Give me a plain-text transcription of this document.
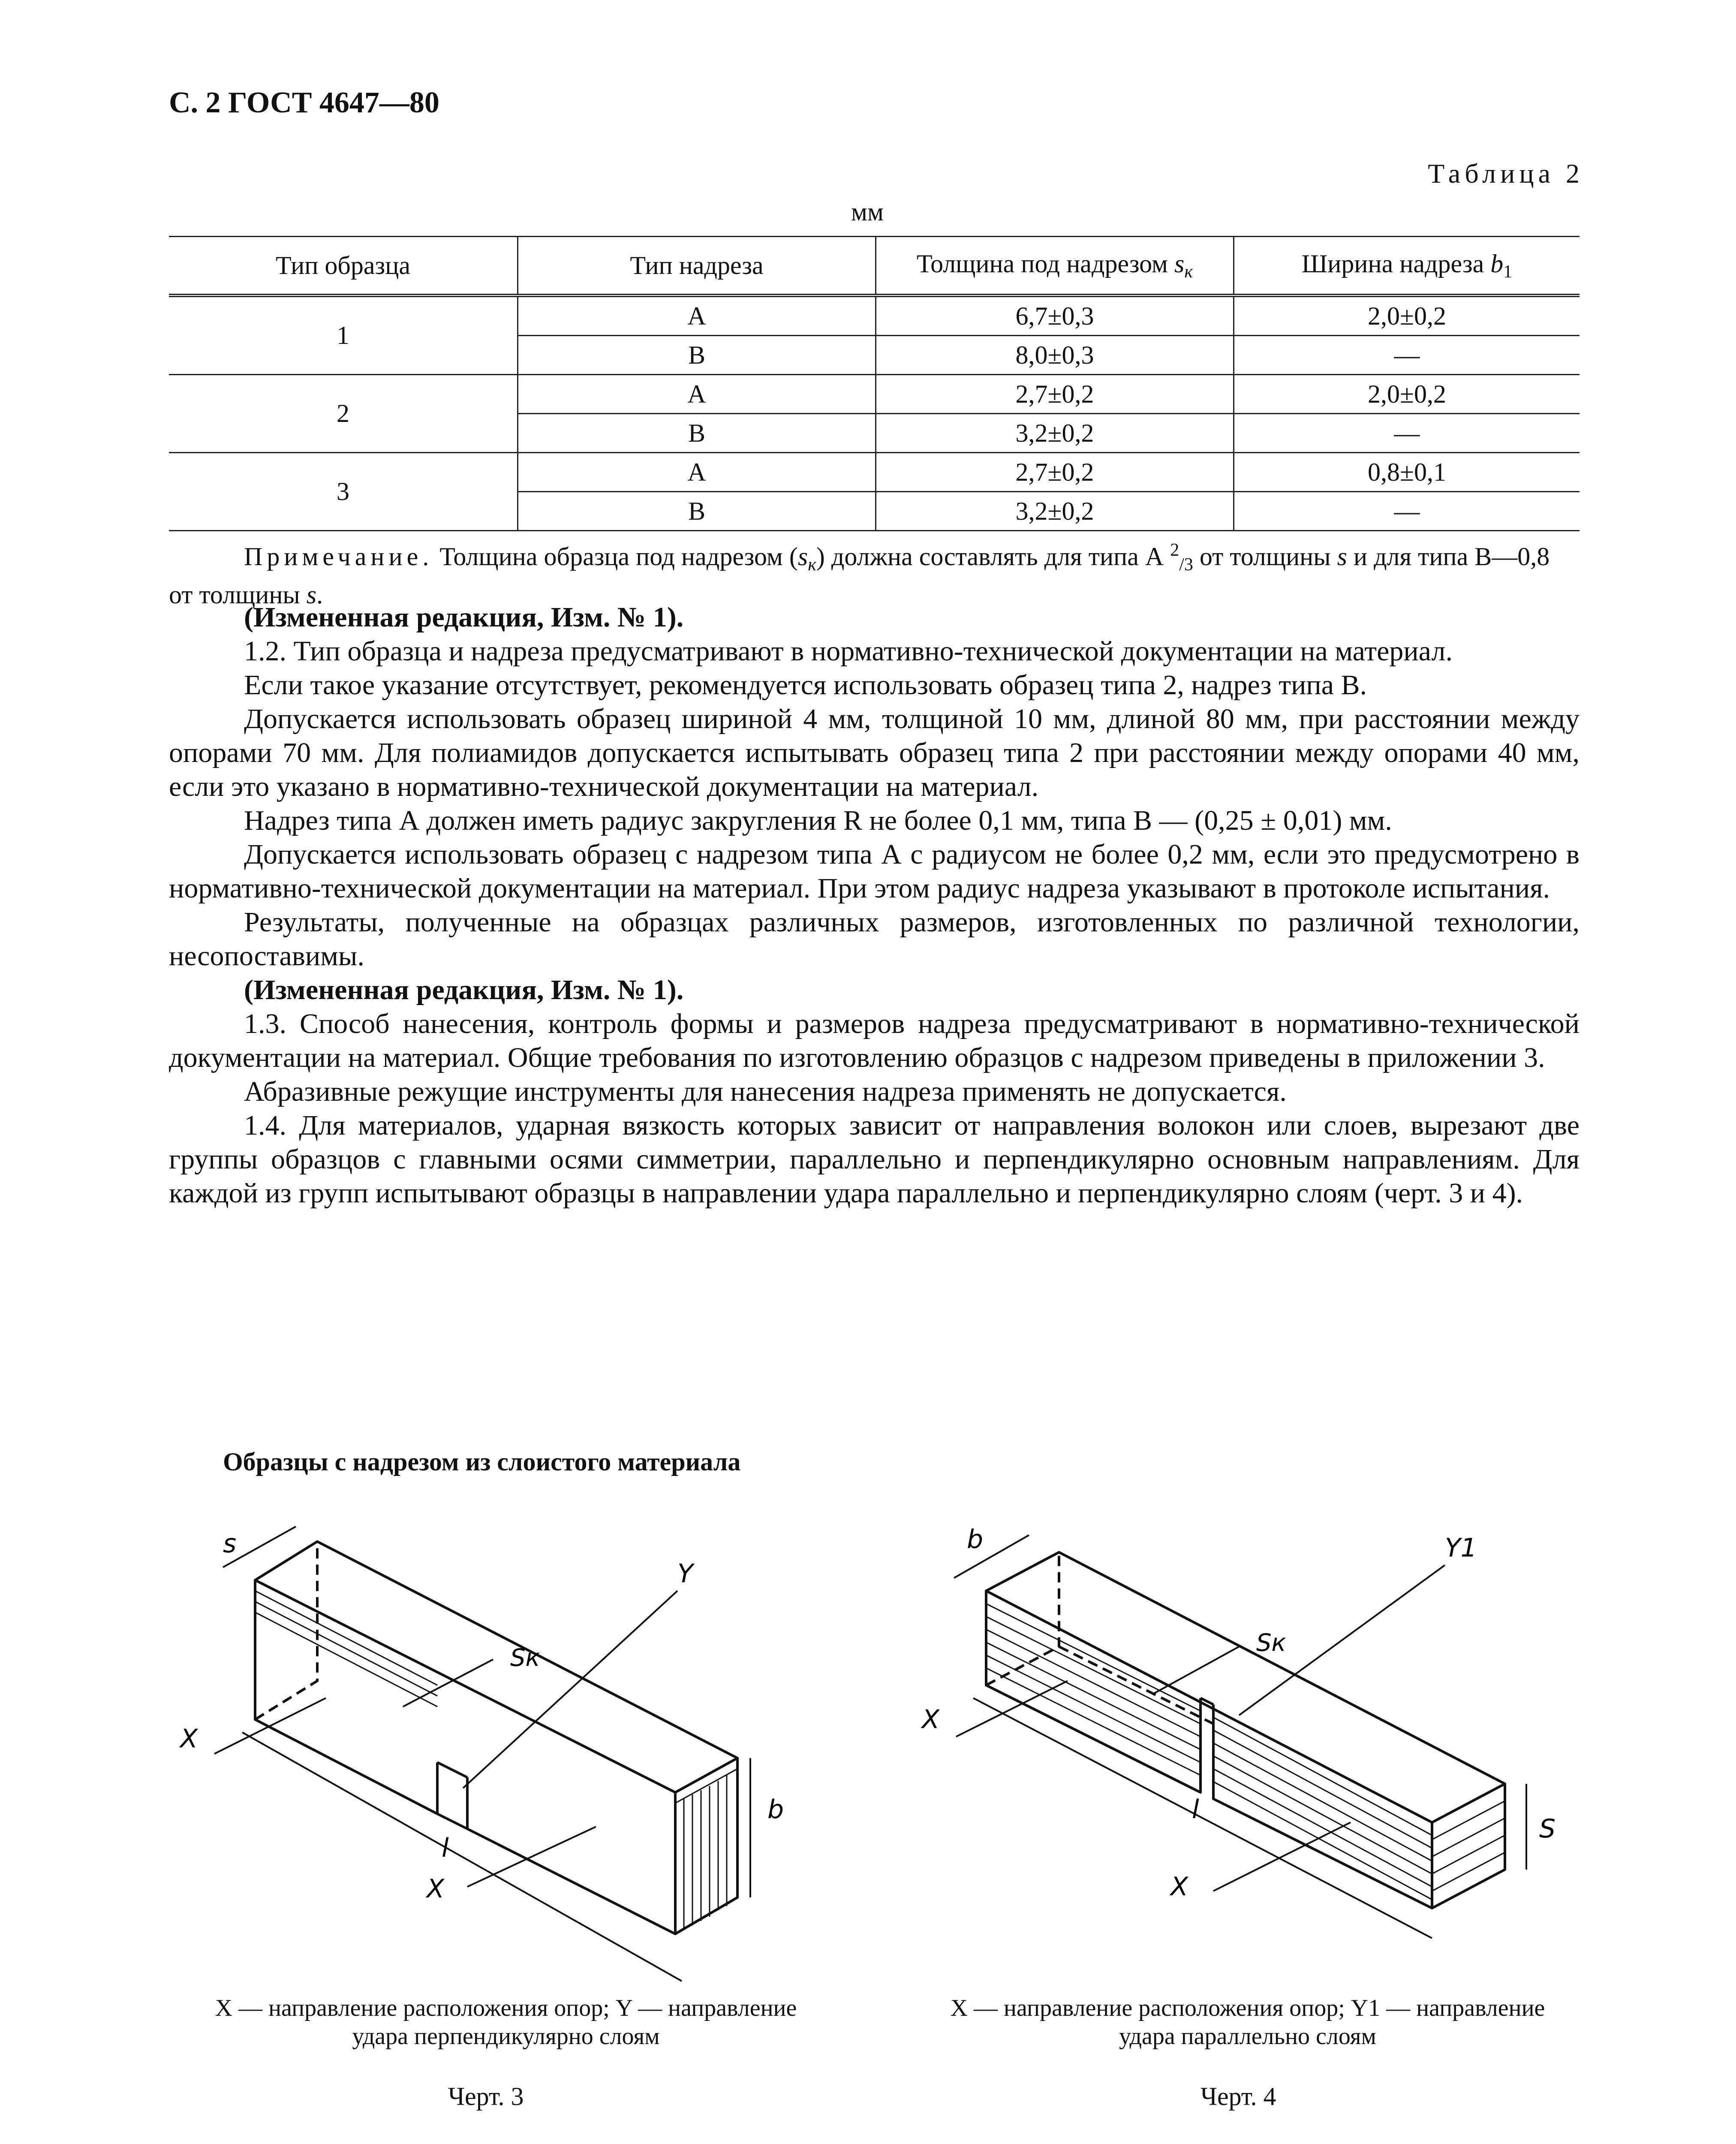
С. 2 ГОСТ 4647—80
Таблица 2
мм
Тип образца	Тип надреза	Толщина под надрезом $s_к$	Ширина надреза $b_1$
1	А	6,7±0,3	2,0±0,2
	В	8,0±0,3	—
2	А	2,7±0,2	2,0±0,2
	В	3,2±0,2	—
3	А	2,7±0,2	0,8±0,1
	В	3,2±0,2	—
Примечание. Толщина образца под надрезом $(s_к)$ должна составлять для типа А $^2_{/3}$ от толщины s и для типа В—0,8 от толщины s.

(Измененная редакция, Изм. № 1).

1.2. Тип образца и надреза предусматривают в нормативно-технической документации на материал.

Если такое указание отсутствует, рекомендуется использовать образец типа 2, надрез типа В.

Допускается использовать образец шириной 4 мм, толщиной 10 мм, длиной 80 мм, при расстоянии между опорами 70 мм. Для полиамидов допускается испытывать образец типа 2 при расстоянии между опорами 40 мм, если это указано в нормативно-технической документации на материал.

Надрез типа А должен иметь радиус закругления R не более 0,1 мм, типа В — (0,25 ± 0,01) мм.

Допускается использовать образец с надрезом типа А с радиусом не более 0,2 мм, если это предусмотрено в нормативно-технической документации на материал. При этом радиус надреза указывают в протоколе испытания.

Результаты, полученные на образцах различных размеров, изготовленных по различной технологии, несопоставимы.

(Измененная редакция, Изм. № 1).

1.3. Способ нанесения, контроль формы и размеров надреза предусматривают в нормативно-технической документации на материал. Общие требования по изготовлению образцов с надрезом приведены в приложении 3.

Абразивные режущие инструменты для нанесения надреза применять не допускается.

1.4. Для материалов, ударная вязкость которых зависит от направления волокон или слоев, вырезают две группы образцов с главными осями симметрии, параллельно и перпендикулярно основным направлениям. Для каждой из групп испытывают образцы в направлении удара параллельно и перпендикулярно слоям (черт. 3 и 4).

Образцы с надрезом из слоистого материала
s
Sк
Y
X
X
l
b
b
Sк
Y1
X
X
l
S
X — направление расположения опор; Y — направление
удара перпендикулярно слоям
Черт. 3
X — направление расположения опор; Y1 — направление
удара параллельно слоям
Черт. 4
